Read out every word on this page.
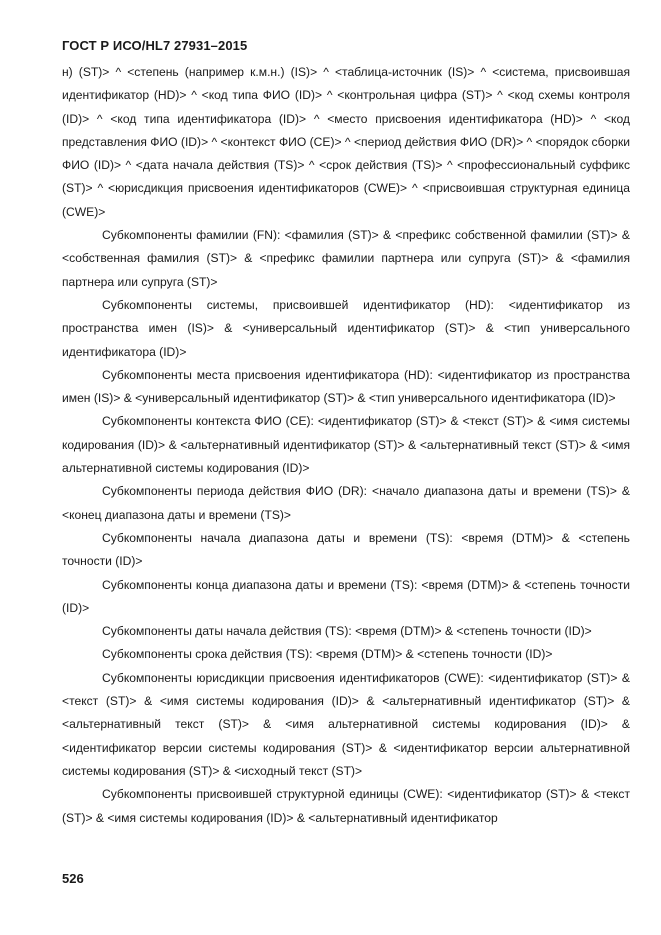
ГОСТ Р ИСО/HL7 27931–2015

н) (ST)> ^ <степень (например к.м.н.) (IS)> ^ <таблица-источник (IS)> ^ <система, присвоившая идентификатор (HD)> ^ <код типа ФИО (ID)> ^ <контрольная цифра (ST)> ^ <код схемы контроля (ID)> ^ <код типа идентификатора (ID)> ^ <место присвоения идентификатора (HD)> ^ <код представления ФИО (ID)> ^ <контекст ФИО (CE)> ^ <период действия ФИО (DR)> ^ <порядок сборки ФИО (ID)> ^ <дата начала действия (TS)> ^ <срок действия (TS)> ^ <профессиональный суффикс (ST)> ^ <юрисдикция присвоения идентификаторов (CWE)> ^ <присвоившая структурная единица (CWE)>

Субкомпоненты фамилии (FN): <фамилия (ST)> & <префикс собственной фамилии (ST)> & <собственная фамилия (ST)> & <префикс фамилии партнера или супруга (ST)> & <фамилия партнера или супруга (ST)>

Субкомпоненты системы, присвоившей идентификатор (HD): <идентификатор из пространства имен (IS)> & <универсальный идентификатор (ST)> & <тип универсального идентификатора (ID)>

Субкомпоненты места присвоения идентификатора (HD): <идентификатор из пространства имен (IS)> & <универсальный идентификатор (ST)> & <тип универсального идентификатора (ID)>

Субкомпоненты контекста ФИО (CE): <идентификатор (ST)> & <текст (ST)> & <имя системы кодирования (ID)> & <альтернативный идентификатор (ST)> & <альтернативный текст (ST)> & <имя альтернативной системы кодирования (ID)>

Субкомпоненты периода действия ФИО (DR): <начало диапазона даты и времени (TS)> & <конец диапазона даты и времени (TS)>

Субкомпоненты начала диапазона даты и времени (TS): <время (DTM)> & <степень точности (ID)>

Субкомпоненты конца диапазона даты и времени (TS): <время (DTM)> & <степень точности (ID)>

Субкомпоненты даты начала действия (TS): <время (DTM)> & <степень точности (ID)>

Субкомпоненты срока действия (TS): <время (DTM)> & <степень точности (ID)>

Субкомпоненты юрисдикции присвоения идентификаторов (CWE): <идентификатор (ST)> & <текст (ST)> & <имя системы кодирования (ID)> & <альтернативный идентификатор (ST)> & <альтернативный текст (ST)> & <имя альтернативной системы кодирования (ID)> & <идентификатор версии системы кодирования (ST)> & <идентификатор версии альтернативной системы кодирования (ST)> & <исходный текст (ST)>

Субкомпоненты присвоившей структурной единицы (CWE): <идентификатор (ST)> & <текст (ST)> & <имя системы кодирования (ID)> & <альтернативный идентификатор

526
